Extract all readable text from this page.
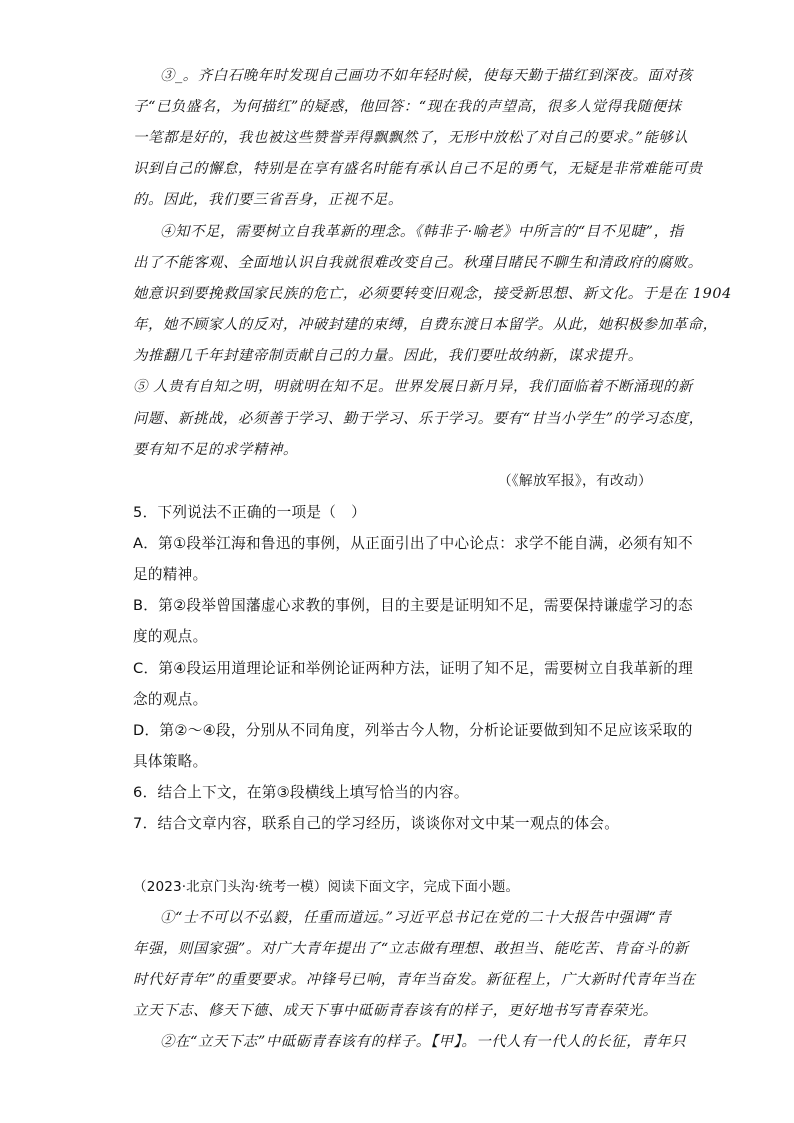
③_。齐白石晚年时发现自己画功不如年轻时候，使每天勤于描红到深夜。面对孩
子“已负盛名，为何描红”的疑惑，他回答：“现在我的声望高，很多人觉得我随便抹
一笔都是好的，我也被这些赞誉弄得飘飘然了，无形中放松了对自己的要求。”能够认
识到自己的懈怠，特别是在享有盛名时能有承认自己不足的勇气，无疑是非常难能可贵
的。因此，我们要三省吾身，正视不足。
④知不足，需要树立自我革新的理念。《韩非子·喻老》中所言的“目不见睫”，指
出了不能客观、全面地认识自我就很难改变自己。秋瑾目睹民不聊生和清政府的腐败。
她意识到要挽救国家民族的危亡，必须要转变旧观念，接受新思想、新文化。于是在 1904
年，她不顾家人的反对，冲破封建的束缚，自费东渡日本留学。从此，她积极参加革命，
为推翻几千年封建帝制贡献自己的力量。因此，我们要吐故纳新，谋求提升。
⑤ 人贵有自知之明，明就明在知不足。世界发展日新月异，我们面临着不断涌现的新
问题、新挑战，必须善于学习、勤于学习、乐于学习。要有“甘当小学生”的学习态度，
要有知不足的求学精神。
（《解放军报》，有改动）
5．下列说法不正确的一项是（　）
A．第①段举江海和鲁迅的事例，从正面引出了中心论点：求学不能自满，必须有知不
足的精神。
B．第②段举曾国藩虚心求教的事例，目的主要是证明知不足，需要保持谦虚学习的态
度的观点。
C．第④段运用道理论证和举例论证两种方法，证明了知不足，需要树立自我革新的理
念的观点。
D．第②～④段，分别从不同角度，列举古今人物，分析论证要做到知不足应该采取的
具体策略。
6．结合上下文，在第③段横线上填写恰当的内容。
7．结合文章内容，联系自己的学习经历，谈谈你对文中某一观点的体会。
（2023·北京门头沟·统考一模）阅读下面文字，完成下面小题。
①“士不可以不弘毅，任重而道远。”习近平总书记在党的二十大报告中强调“青
年强，则国家强”。对广大青年提出了“立志做有理想、敢担当、能吃苦、肯奋斗的新
时代好青年”的重要要求。冲锋号已响，青年当奋发。新征程上，广大新时代青年当在
立天下志、修天下德、成天下事中砥砺青春该有的样子，更好地书写青春荣光。
②在“立天下志”中砥砺青春该有的样子。【甲】。一代人有一代人的长征，青年只
